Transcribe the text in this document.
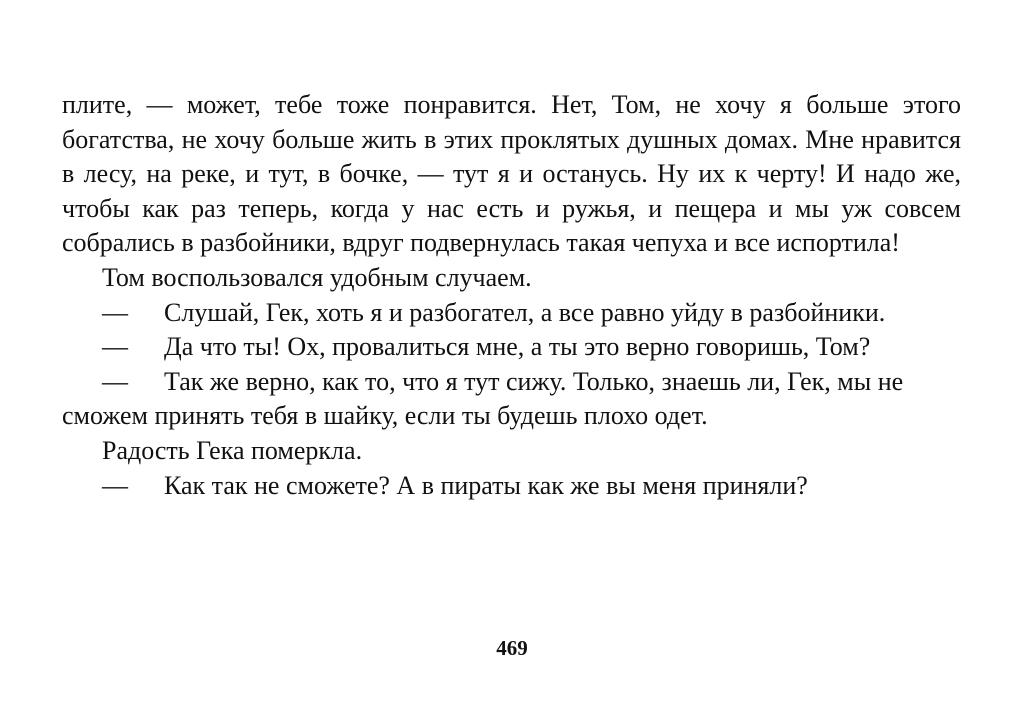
плите, — может, тебе тоже понравится. Нет, Том, не хочу я больше этого богатства, не хочу больше жить в этих проклятых душных домах. Мне нравится в лесу, на реке, и тут, в бочке, — тут я и останусь. Ну их к черту! И надо же, чтобы как раз теперь, когда у нас есть и ружья, и пещера и мы уж совсем собрались в разбойники, вдруг подвернулась такая чепуха и все испортила!

Том воспользовался удобным случаем.

— Слушай, Гек, хоть я и разбогател, а все равно уйду в разбойники.

— Да что ты! Ох, провалиться мне, а ты это верно говоришь, Том?

— Так же верно, как то, что я тут сижу. Только, знаешь ли, Гек, мы не сможем принять тебя в шайку, если ты будешь плохо одет.

Радость Гека померкла.

— Как так не сможете? А в пираты как же вы меня приняли?

469
